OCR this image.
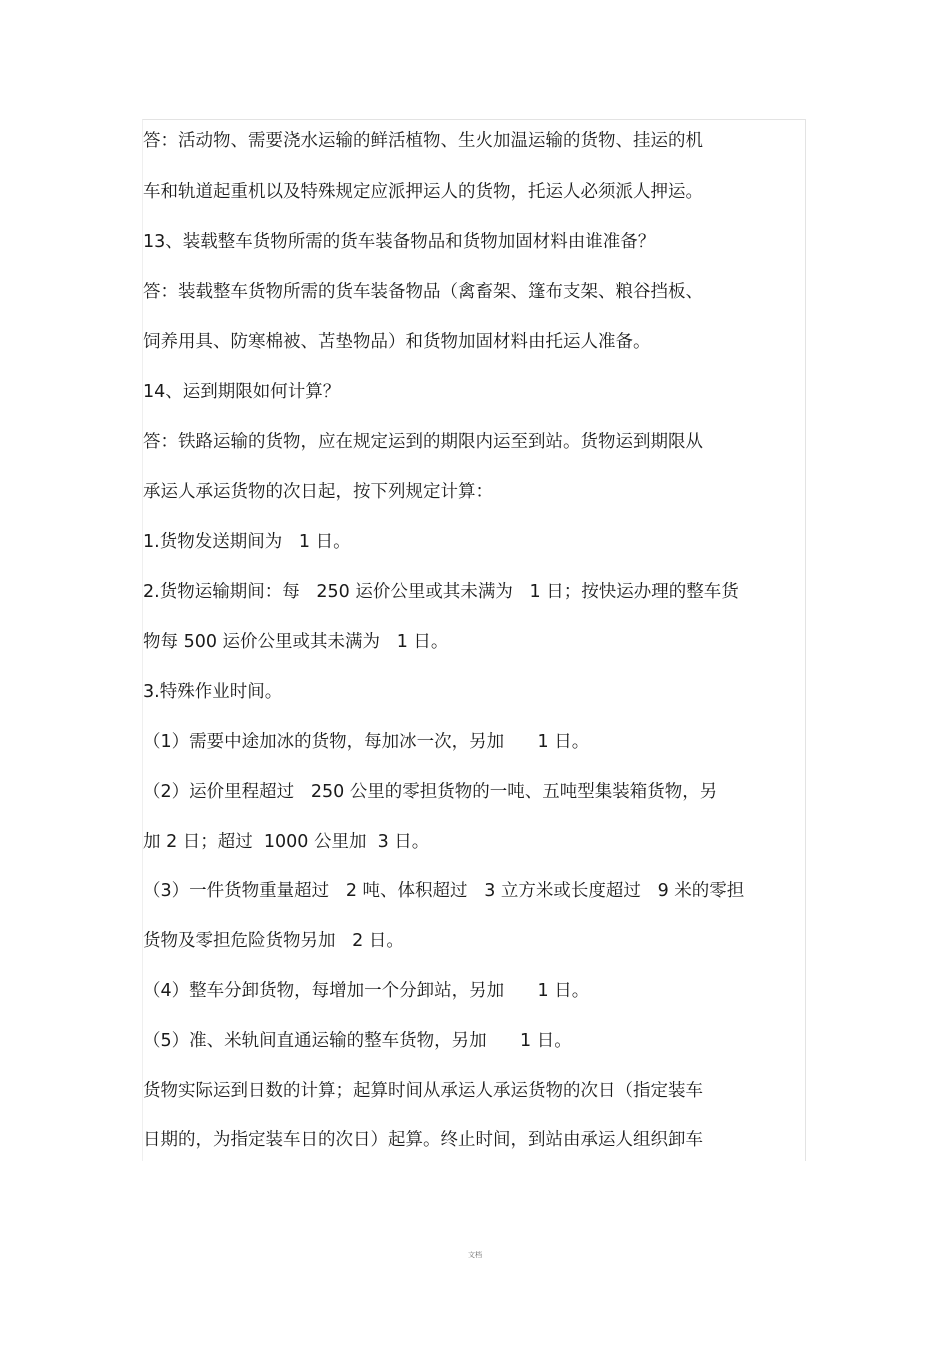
答：活动物、需要浇水运输的鲜活植物、生火加温运输的货物、挂运的机
车和轨道起重机以及特殊规定应派押运人的货物，托运人必须派人押运。
13、装载整车货物所需的货车装备物品和货物加固材料由谁准备？
答：装载整车货物所需的货车装备物品（禽畜架、篷布支架、粮谷挡板、
饲养用具、防寒棉被、苫垫物品）和货物加固材料由托运人准备。
14、运到期限如何计算？
答：铁路运输的货物，应在规定运到的期限内运至到站。货物运到期限从
承运人承运货物的次日起，按下列规定计算：
1.货物发送期间为   1 日。
2.货物运输期间：每   250 运价公里或其未满为   1 日；按快运办理的整车货
物每 500 运价公里或其未满为   1 日。
3.特殊作业时间。
（1）需要中途加冰的货物，每加冰一次，另加      1 日。
（2）运价里程超过   250 公里的零担货物的一吨、五吨型集装箱货物，另
加 2 日；超过  1000 公里加  3 日。
（3）一件货物重量超过   2 吨、体积超过   3 立方米或长度超过   9 米的零担
货物及零担危险货物另加   2 日。
（4）整车分卸货物，每增加一个分卸站，另加      1 日。
（5）准、米轨间直通运输的整车货物，另加      1 日。
货物实际运到日数的计算；起算时间从承运人承运货物的次日（指定装车
日期的，为指定装车日的次日）起算。终止时间，到站由承运人组织卸车
文档
